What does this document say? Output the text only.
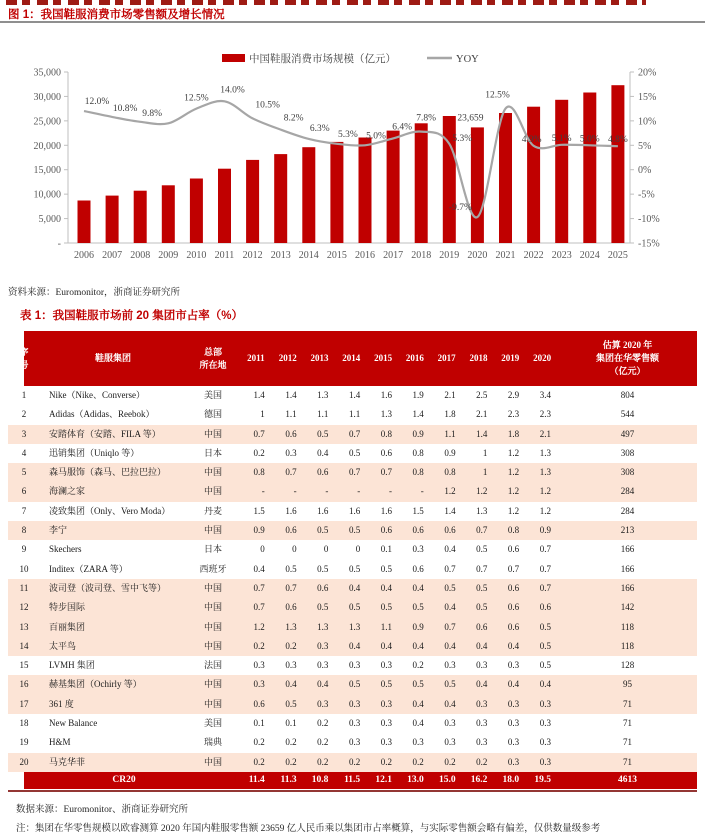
图 1：我国鞋服消费市场零售额及增长情况
中国鞋服消费市场规模（亿元）	YOY
35,000
30,000
25,000
20,000
15,000
10,000
5,000
-
20%
15%
10%
5%
0%
-5%
-10%
-15%
2006 2007 2008 2009 2010 2011 2012 2013 2014 2015 2016 2017 2018 2019 2020 2021 2022 2023 2024 2025
12.0%
10.8% 9.8%
12.5%
14.0%
10.5%
8.2%
6.3%
5.3% 5.0%
6.4%
7.8%
5.3%
-9.7%
12.5%
4.9% 5.1% 5.0% 4.8%
23,659
资料来源：Euromonitor，浙商证券研究所
表 1：我国鞋服市场前 20 集团市占率（%）
序
号
鞋服集团
总部
所在地
2011 2012 2013 2014 2015 2016 2017 2018 2019 2020
估算 2020 年
集团在华零售额
（亿元）
1	Nike（Nike、Converse）	美国	1.4	1.4	1.3	1.4	1.6	1.9	2.1	2.5	2.9	3.4	804
2	Adidas（Adidas、Reebok）	德国	1	1.1	1.1	1.1	1.3	1.4	1.8	2.1	2.3	2.3	544
3	安踏体育（安踏、FILA 等）	中国	0.7	0.6	0.5	0.7	0.8	0.9	1.1	1.4	1.8	2.1	497
4	迅销集团（Uniqlo 等）	日本	0.2	0.3	0.4	0.5	0.6	0.8	0.9	1	1.2	1.3	308
5	森马服饰（森马、巴拉巴拉）	中国	0.8	0.7	0.6	0.7	0.7	0.8	0.8	1	1.2	1.3	308
6	海澜之家	中国	-	-	-	-	-	-	1.2	1.2	1.2	1.2	284
7	凌致集团（Only、Vero Moda）	丹麦	1.5	1.6	1.6	1.6	1.6	1.5	1.4	1.3	1.2	1.2	284
8	李宁	中国	0.9	0.6	0.5	0.5	0.6	0.6	0.6	0.7	0.8	0.9	213
9	Skechers	日本	0	0	0	0	0.1	0.3	0.4	0.5	0.6	0.7	166
10	Inditex（ZARA 等）	西班牙	0.4	0.5	0.5	0.5	0.5	0.6	0.7	0.7	0.7	0.7	166
11	波司登（波司登、雪中飞等）	中国	0.7	0.7	0.6	0.4	0.4	0.4	0.5	0.5	0.6	0.7	166
12	特步国际	中国	0.7	0.6	0.5	0.5	0.5	0.5	0.4	0.5	0.6	0.6	142
13	百丽集团	中国	1.2	1.3	1.3	1.3	1.1	0.9	0.7	0.6	0.6	0.5	118
14	太平鸟	中国	0.2	0.2	0.3	0.4	0.4	0.4	0.4	0.4	0.4	0.5	118
15	LVMH 集团	法国	0.3	0.3	0.3	0.3	0.3	0.2	0.3	0.3	0.3	0.5	128
16	赫基集团（Ochirly 等）	中国	0.3	0.4	0.4	0.5	0.5	0.5	0.5	0.4	0.4	0.4	95
17	361 度	中国	0.6	0.5	0.3	0.3	0.3	0.4	0.4	0.3	0.3	0.3	71
18	New Balance	美国	0.1	0.1	0.2	0.3	0.3	0.4	0.3	0.3	0.3	0.3	71
19	H&M	瑞典	0.2	0.2	0.2	0.3	0.3	0.3	0.3	0.3	0.3	0.3	71
20	马克华菲	中国	0.2	0.2	0.2	0.2	0.2	0.2	0.2	0.2	0.3	0.3	71
CR20	11.4	11.3	10.8	11.5	12.1	13.0	15.0	16.2	18.0	19.5	4613
数据来源：Euromonitor、浙商证券研究所
注：集团在华零售规模以欧睿测算 2020 年国内鞋服零售额 23659 亿人民币乘以集团市占率概算，与实际零售额会略有偏差，仅供数量级参考
